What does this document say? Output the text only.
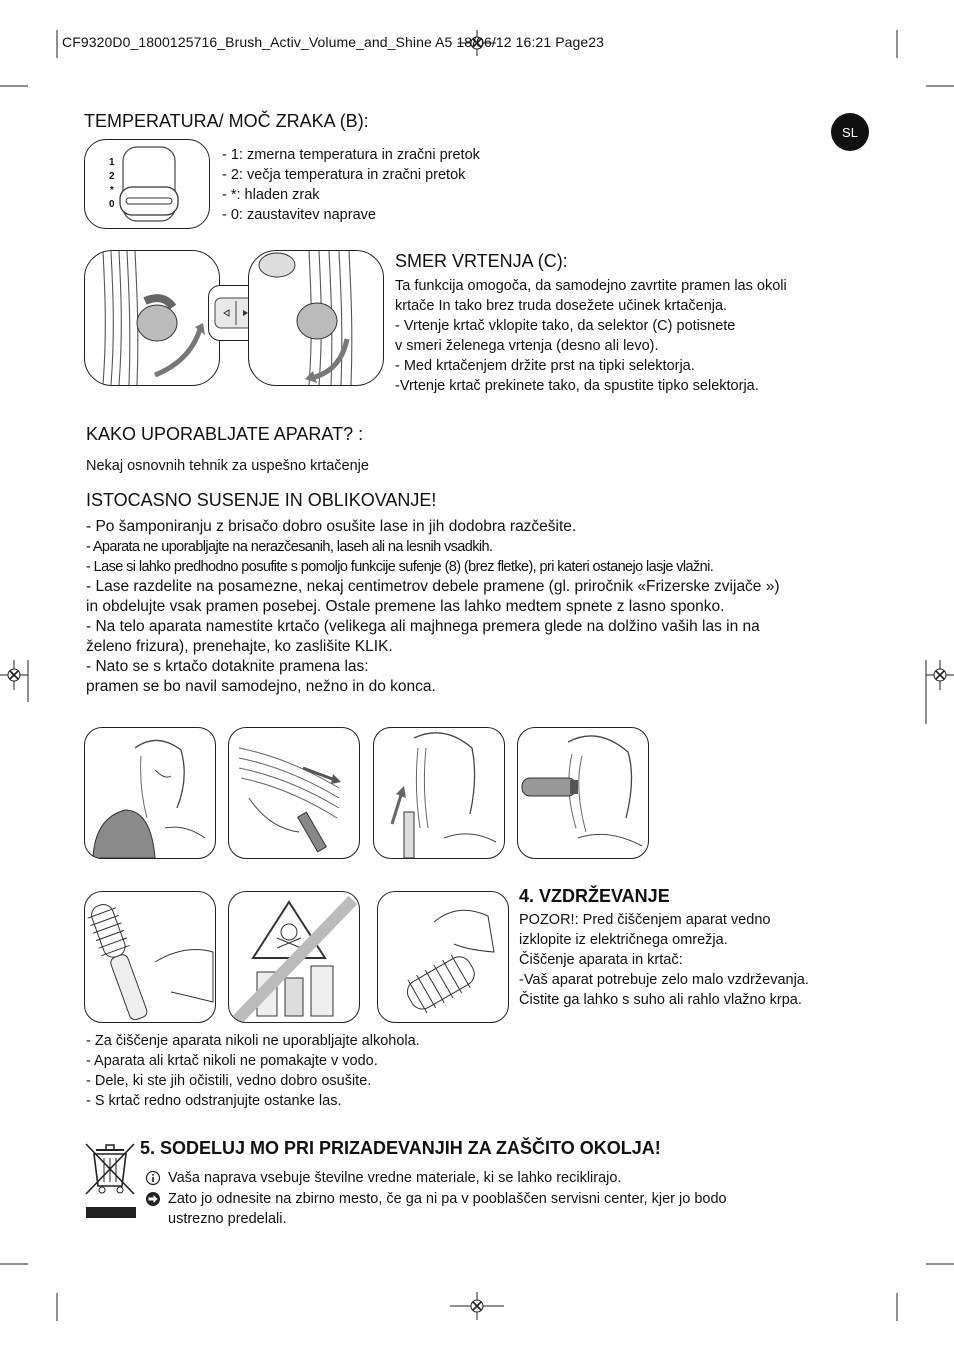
CF9320D0_1800125716_Brush_Activ_Volume_and_Shine A5 18/06/12 16:21 Page23
SL
TEMPERATURA/ MOČ ZRAKA (B):
1
2
*
0
- 1: zmerna temperatura in zračni pretok
- 2: večja temperatura in zračni pretok
- *: hladen zrak
- 0: zaustavitev naprave
SMER VRTENJA (C):
Ta funkcija omogoča, da samodejno zavrtite pramen las okoli
krtače In tako brez truda dosežete učinek krtačenja.
- Vrtenje krtač vklopite tako, da selektor (C) potisnete
v smeri želenega vrtenja (desno ali levo).
- Med krtačenjem držite prst na tipki selektorja.
-Vrtenje krtač prekinete tako, da spustite tipko selektorja.
KAKO UPORABLJATE APARAT? :
Nekaj osnovnih tehnik za uspešno krtačenje
ISTOCASNO SUSENJE IN OBLIKOVANJE!
- Po šamponiranju z brisačo dobro osušite lase in jih dodobra razčešite.
- Aparata ne uporabljajte na nerazčesanih, laseh ali na lesnih vsadkih.
- Lase si lahko predhodno posufite s pomoljo funkcije sufenje (8) (brez fletke), pri kateri ostanejo lasje vlažni.
- Lase razdelite na posamezne, nekaj centimetrov debele pramene (gl. priročnik «Frizerske zvijače »)
in obdelujte vsak pramen posebej. Ostale premene las lahko medtem spnete z lasno sponko.
- Na telo aparata namestite krtačo (velikega ali majhnega premera glede na dolžino vaših las in na
želeno frizura), prenehajte, ko zaslišite KLIK.
- Nato se s krtačo dotaknite pramena las:
pramen se bo navil samodejno, nežno in do konca.
4. VZDRŽEVANJE
POZOR!: Pred čiščenjem aparat vedno
izklopite iz električnega omrežja.
Čiščenje aparata in krtač:
-Vaš aparat potrebuje zelo malo vzdrževanja.
Čistite ga lahko s suho ali rahlo vlažno krpa.
- Za čiščenje aparata nikoli ne uporabljajte alkohola.
- Aparata ali krtač nikoli ne pomakajte v vodo.
- Dele, ki ste jih očistili, vedno dobro osušite.
- S krtač redno odstranjujte ostanke las.
5. SODELUJ MO PRI PRIZADEVANJIH ZA ZAŠČITO OKOLJA!
Vaša naprava vsebuje številne vredne materiale, ki se lahko reciklirajo.
Zato jo odnesite na zbirno mesto, če ga ni pa v pooblaščen servisni center, kjer jo bodo
ustrezno predelali.
